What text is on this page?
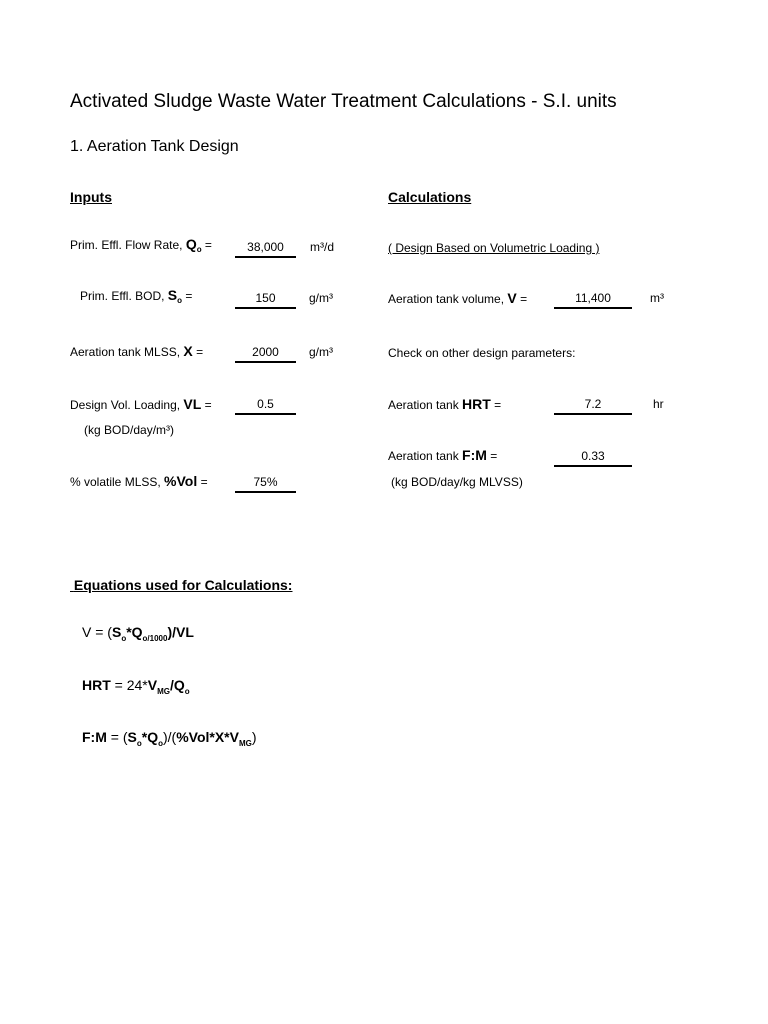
Activated Sludge Waste Water Treatment Calculations - S.I. units
1. Aeration Tank Design
Inputs
Prim. Effl. Flow Rate, $Q_o$ =	38,000	m³/d
Prim. Effl. BOD, $S_o$ =	150	g/m³
Aeration tank MLSS, X =	2000	g/m³
Design Vol. Loading, VL =	0.5
(kg BOD/day/m³)
% volatile MLSS, %Vol =	75%
Calculations
( Design Based on Volumetric Loading )
Aeration tank volume, V =	11,400	m³
Check on other design parameters:
Aeration tank HRT =	7.2	hr
Aeration tank F:M =	0.33
(kg BOD/day/kg MLVSS)
Equations used for Calculations:
$V = (S_o*Q_{o/1000})/VL$
HRT = $24*V_{MG}/Q_o$
F:M = $(S_o*Q_o)/(\%Vol*X*V_{MG})$
